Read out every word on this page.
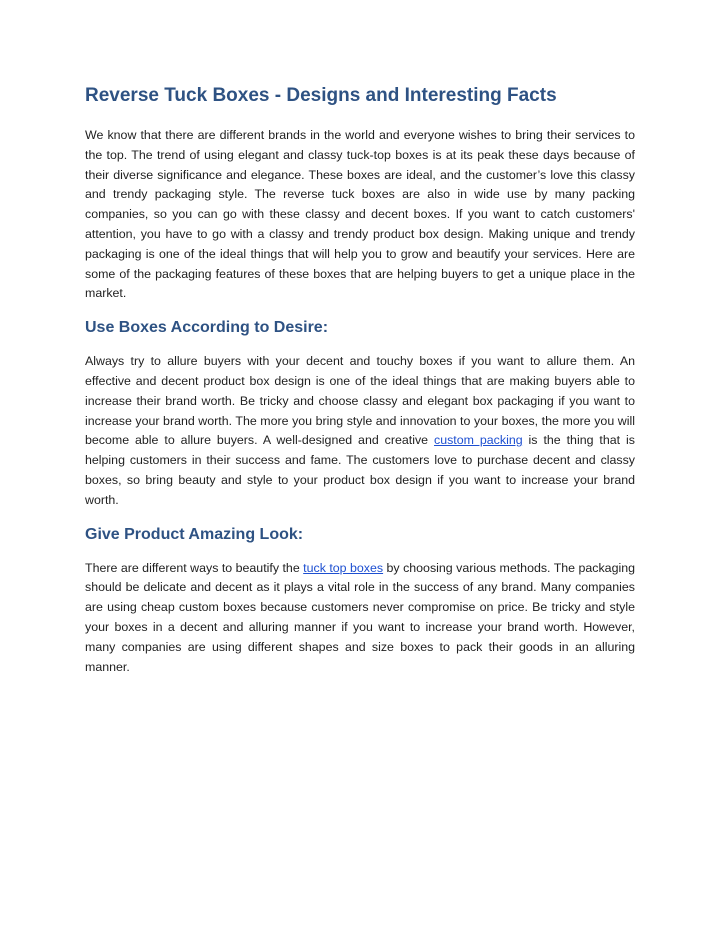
Reverse Tuck Boxes - Designs and Interesting Facts

We know that there are different brands in the world and everyone wishes to bring their services to the top. The trend of using elegant and classy tuck-top boxes is at its peak these days because of their diverse significance and elegance. These boxes are ideal, and the customer’s love this classy and trendy packaging style. The reverse tuck boxes are also in wide use by many packing companies, so you can go with these classy and decent boxes. If you want to catch customers' attention, you have to go with a classy and trendy product box design. Making unique and trendy packaging is one of the ideal things that will help you to grow and beautify your services. Here are some of the packaging features of these boxes that are helping buyers to get a unique place in the market.

Use Boxes According to Desire:

Always try to allure buyers with your decent and touchy boxes if you want to allure them. An effective and decent product box design is one of the ideal things that are making buyers able to increase their brand worth. Be tricky and choose classy and elegant box packaging if you want to increase your brand worth. The more you bring style and innovation to your boxes, the more you will become able to allure buyers. A well-designed and creative custom packing is the thing that is helping customers in their success and fame. The customers love to purchase decent and classy boxes, so bring beauty and style to your product box design if you want to increase your brand worth.

Give Product Amazing Look:

There are different ways to beautify the tuck top boxes by choosing various methods. The packaging should be delicate and decent as it plays a vital role in the success of any brand. Many companies are using cheap custom boxes because customers never compromise on price. Be tricky and style your boxes in a decent and alluring manner if you want to increase your brand worth. However, many companies are using different shapes and size boxes to pack their goods in an alluring manner.
